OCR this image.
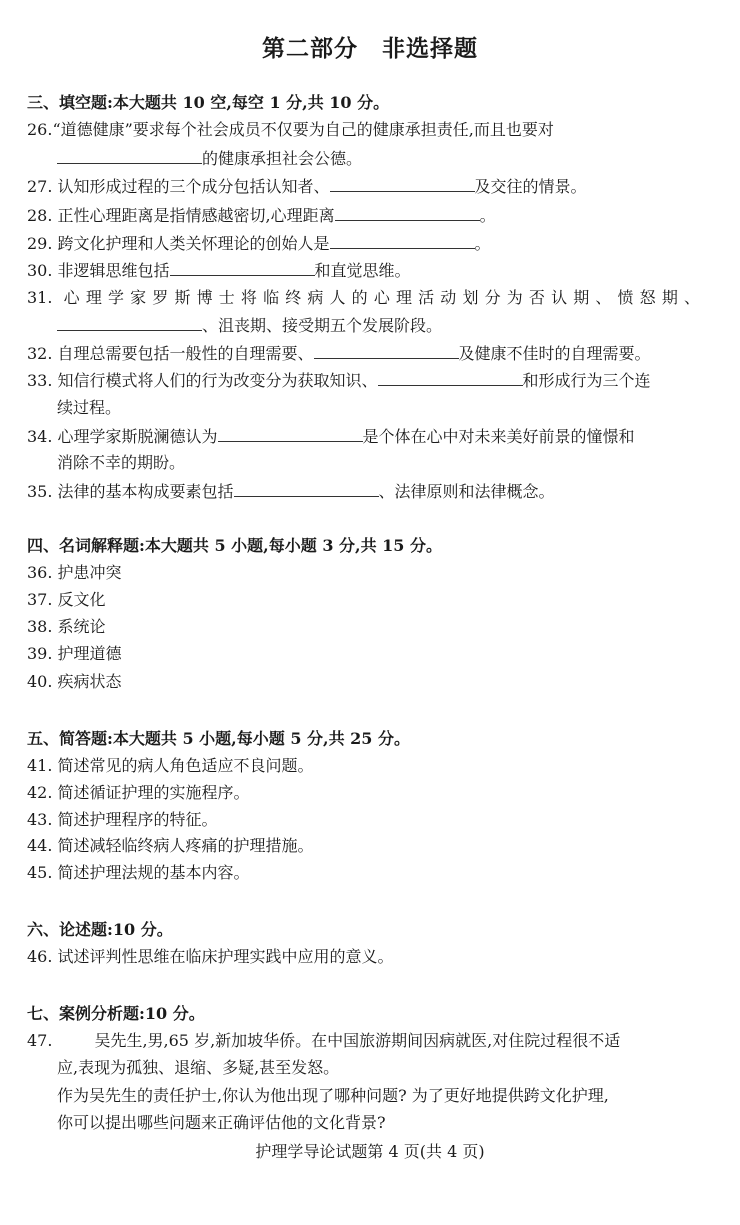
第二部分　非选择题
三、填空题:本大题共 10 空,每空 1 分,共 10 分。
26.“道德健康”要求每个社会成员不仅要为自己的健康承担责任,而且也要对
的健康承担社会公德。
27. 认知形成过程的三个成分包括认知者、	及交往的情景。
28. 正性心理距离是指情感越密切,心理距离	。
29. 跨文化护理和人类关怀理论的创始人是	。
30. 非逻辑思维包括	和直觉思维。
31. 心理学家罗斯博士将临终病人的心理活动划分为否认期、愤怒期、
、沮丧期、接受期五个发展阶段。
32. 自理总需要包括一般性的自理需要、	及健康不佳时的自理需要。
33. 知信行模式将人们的行为改变分为获取知识、	和形成行为三个连
续过程。
34. 心理学家斯脱澜德认为	是个体在心中对未来美好前景的憧憬和
消除不幸的期盼。
35. 法律的基本构成要素包括	、法律原则和法律概念。
四、名词解释题:本大题共 5 小题,每小题 3 分,共 15 分。
36. 护患冲突
37. 反文化
38. 系统论
39. 护理道德
40. 疾病状态
五、简答题:本大题共 5 小题,每小题 5 分,共 25 分。
41. 简述常见的病人角色适应不良问题。
42. 简述循证护理的实施程序。
43. 简述护理程序的特征。
44. 简述减轻临终病人疼痛的护理措施。
45. 简述护理法规的基本内容。
六、论述题:10 分。
46. 试述评判性思维在临床护理实践中应用的意义。
七、案例分析题:10 分。
47.	吴先生,男,65 岁,新加坡华侨。在中国旅游期间因病就医,对住院过程很不适
应,表现为孤独、退缩、多疑,甚至发怒。
作为吴先生的责任护士,你认为他出现了哪种问题? 为了更好地提供跨文化护理,
你可以提出哪些问题来正确评估他的文化背景?
护理学导论试题第 4 页(共 4 页)
